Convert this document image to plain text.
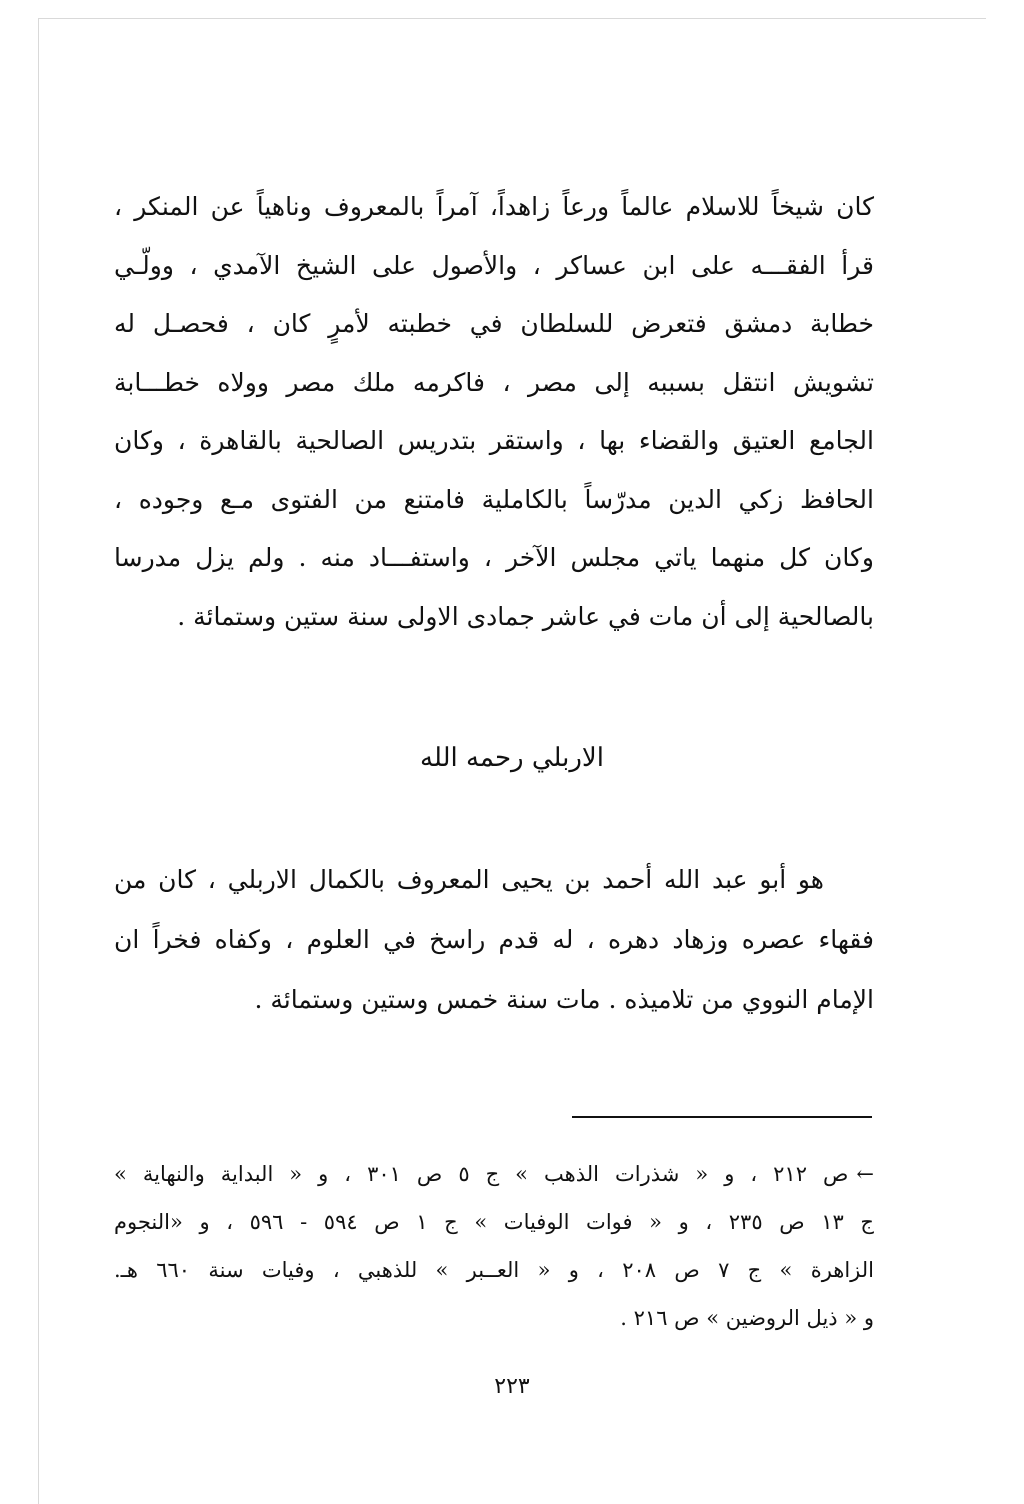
كان شيخاً للاسلام عالماً ورعاً زاهداً، آمراً بالمعروف وناهياً عن المنكر ،
قرأ الفقـــه على ابن عساكر ، والأصول على الشيخ الآمدي ، وولّـي
خطابة دمشق فتعرض للسلطان في خطبته لأمرٍ كان ، فحصـل له
تشويش انتقل بسببه إلى مصر ، فاكرمه ملك مصر وولاه خطـــابة
الجامع العتيق والقضاء بها ، واستقر بتدريس الصالحية بالقاهرة ، وكان
الحافظ زكي الدين مدرّساً بالكاملية فامتنع من الفتوى مـع وجوده ،
وكان كل منهما ياتي مجلس الآخر ، واستفـــاد منه . ولم يزل مدرسا
بالصالحية إلى أن مات في عاشر جمادى الاولى سنة ستين وستمائة .
الاربلي رحمه الله
هو أبو عبد الله أحمد بن يحيى المعروف بالكمال الاربلي ، كان من
فقهاء عصره وزهاد دهره ، له قدم راسخ في العلوم ، وكفاه فخراً ان
الإمام النووي من تلاميذه . مات سنة خمس وستين وستمائة .
←ص ٢١٢ ، و « شذرات الذهب » ج ٥ ص ٣٠١ ، و « البداية والنهاية »
ج ١٣ ص ٢٣٥ ، و « فوات الوفيات » ج ١ ص ٥٩٤ - ٥٩٦ ، و «النجوم
الزاهرة » ج ٧ ص ٢٠٨ ، و « العــبر » للذهبي ، وفيات سنة ٦٦٠ هـ.
و « ذيل الروضين » ص ٢١٦ .
٢٢٣
